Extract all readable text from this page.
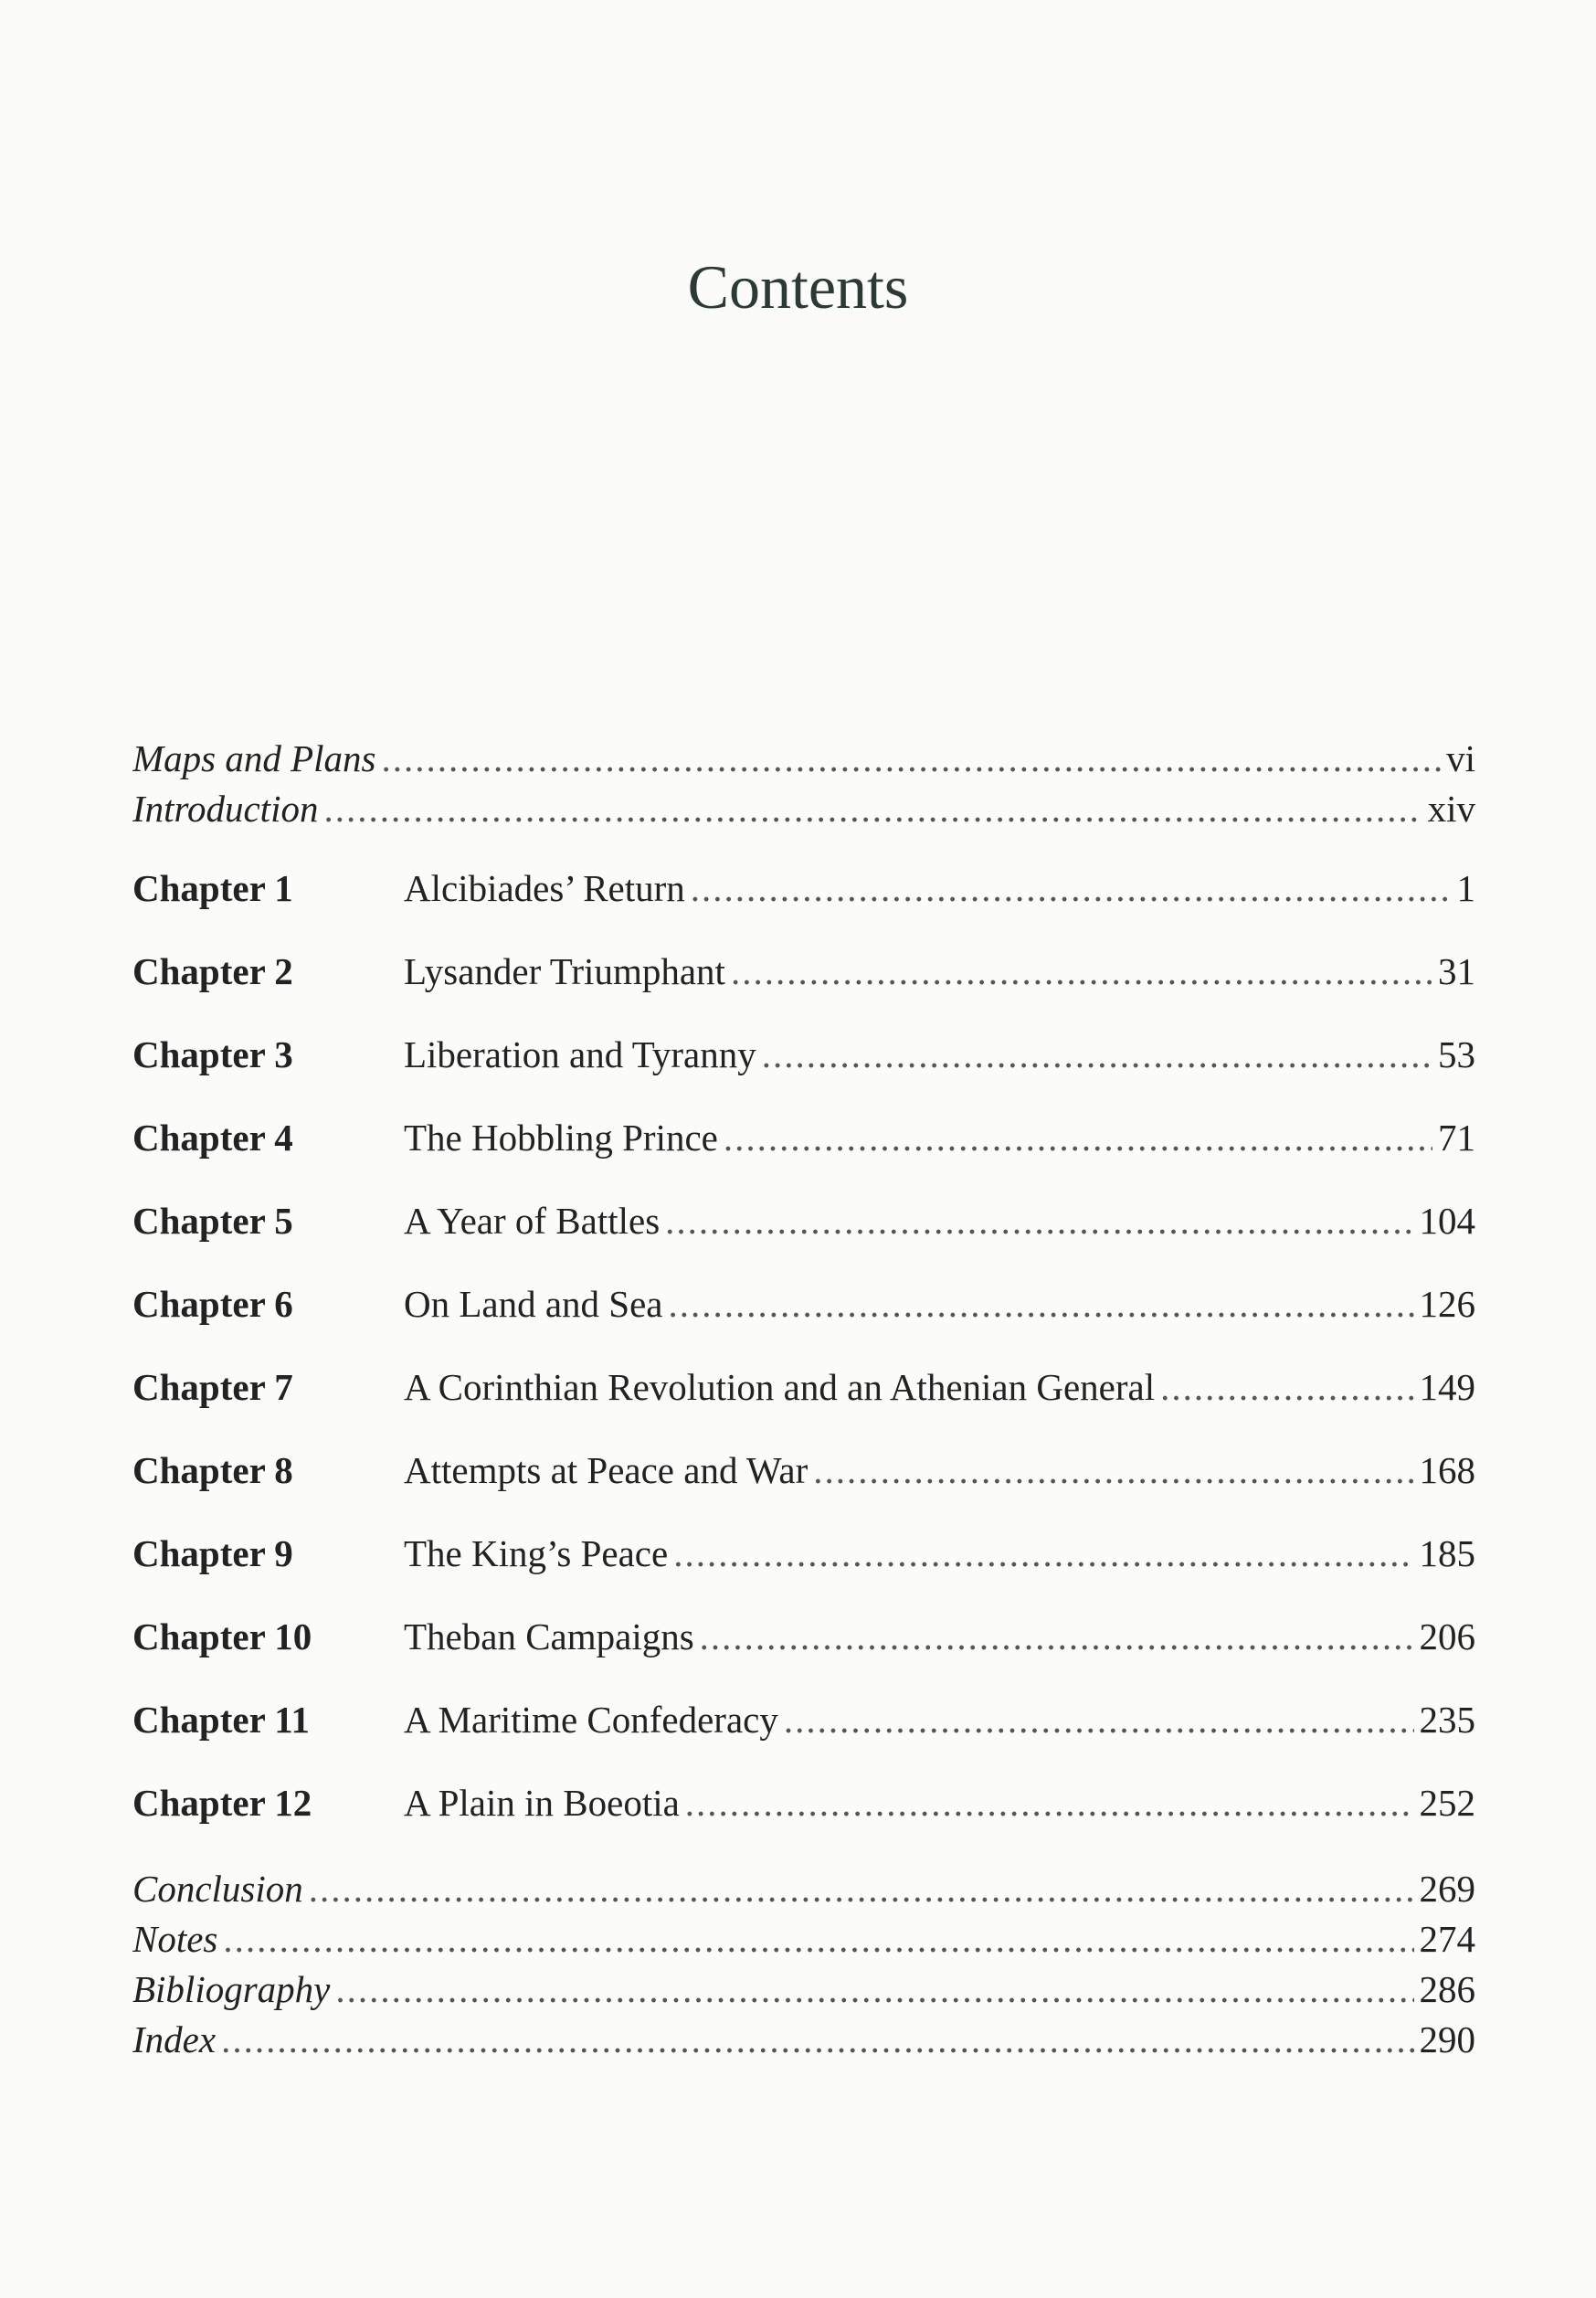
Contents
Maps and Plans .....	vi
Introduction .....	xiv
Chapter 1	Alcibiades’ Return .....	1
Chapter 2	Lysander Triumphant .....	31
Chapter 3	Liberation and Tyranny .....	53
Chapter 4	The Hobbling Prince .....	71
Chapter 5	A Year of Battles .....	104
Chapter 6	On Land and Sea .....	126
Chapter 7	A Corinthian Revolution and an Athenian General .....	149
Chapter 8	Attempts at Peace and War .....	168
Chapter 9	The King’s Peace .....	185
Chapter 10	Theban Campaigns .....	206
Chapter 11	A Maritime Confederacy .....	235
Chapter 12	A Plain in Boeotia .....	252
Conclusion .....	269
Notes .....	274
Bibliography .....	286
Index .....	290
